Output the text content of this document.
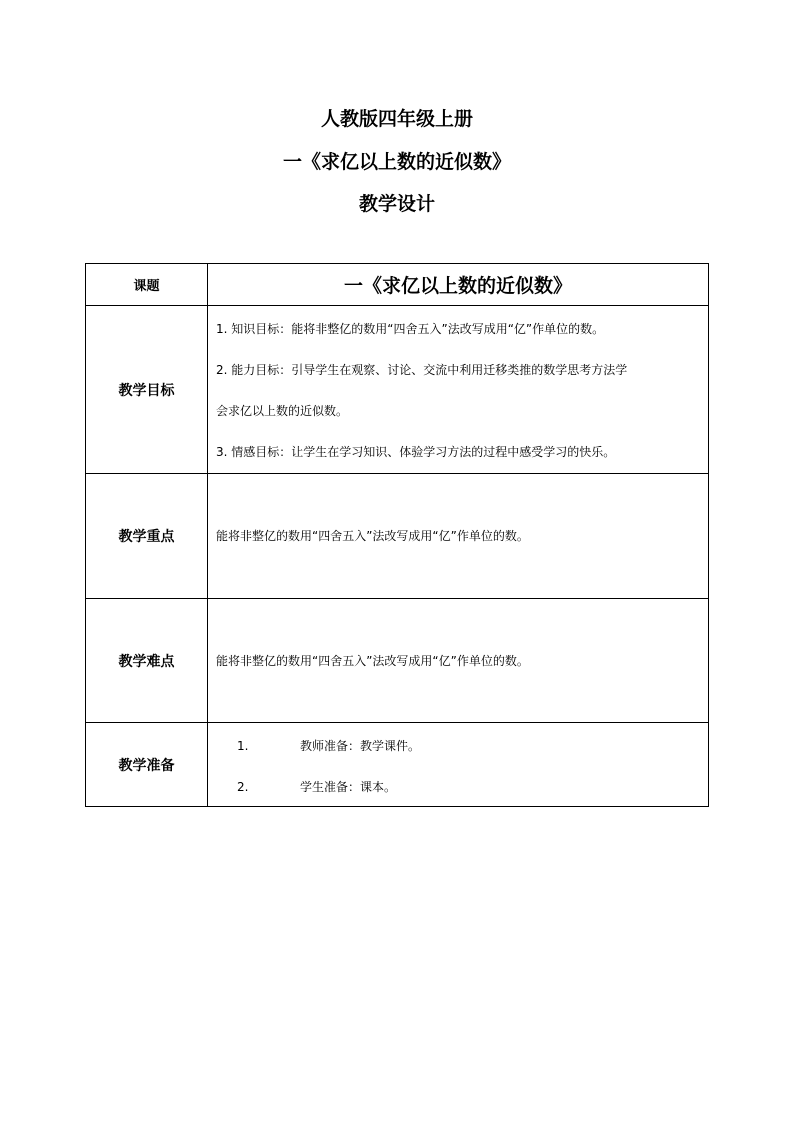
人教版四年级上册
一《求亿以上数的近似数》
教学设计
课题	一《求亿以上数的近似数》

教学目标	1. 知识目标：能将非整亿的数用“四舍五入”法改写成用“亿”作单位的数。
2. 能力目标：引导学生在观察、讨论、交流中利用迁移类推的数学思考方法学
会求亿以上数的近似数。
3. 情感目标：让学生在学习知识、体验学习方法的过程中感受学习的快乐。

教学重点	能将非整亿的数用“四舍五入”法改写成用“亿”作单位的数。

教学难点	能将非整亿的数用“四舍五入”法改写成用“亿”作单位的数。

教学准备	1. 教师准备：教学课件。
2. 学生准备：课本。
